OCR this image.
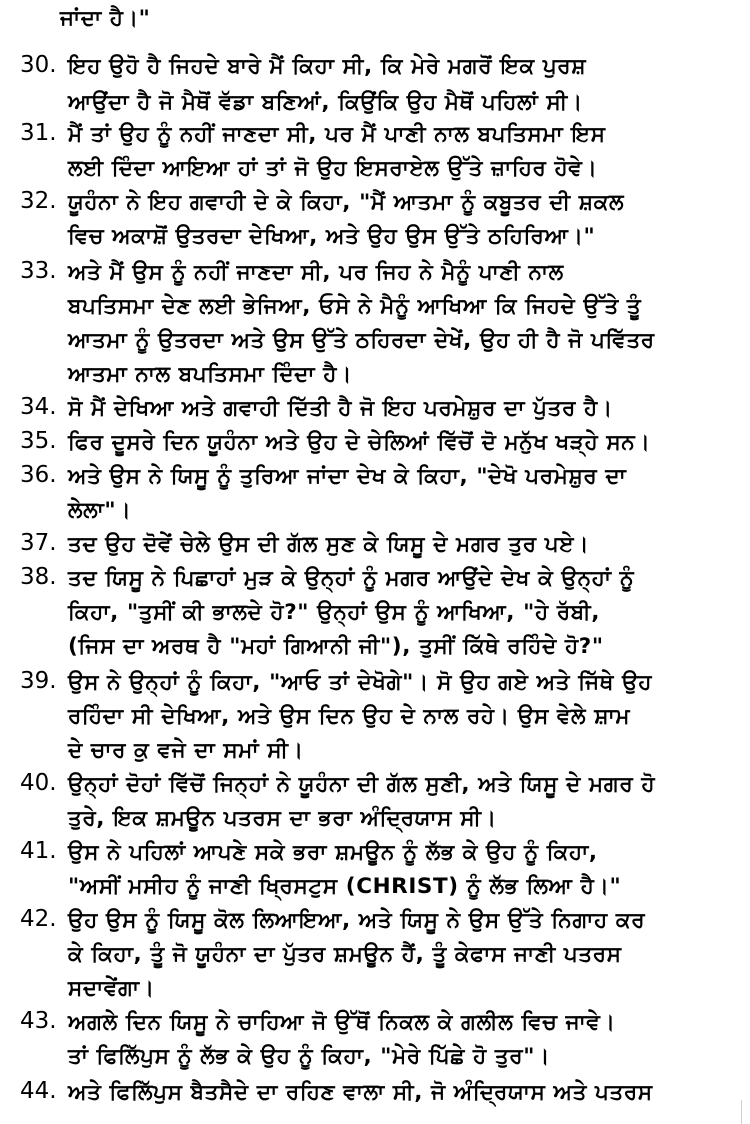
ਜਾਂਦਾ ਹੈ।"
30. ਇਹ ਉਹੋ ਹੈ ਜਿਹਦੇ ਬਾਰੇ ਮੈਂ ਕਿਹਾ ਸੀ, ਕਿ ਮੇਰੇ ਮਗਰੋਂ ਇਕ ਪੁਰਸ਼
ਆਉਂਦਾ ਹੈ ਜੋ ਮੈਥੋਂ ਵੱਡਾ ਬਣਿਆਂ, ਕਿਉਂਕਿ ਉਹ ਮੈਥੋਂ ਪਹਿਲਾਂ ਸੀ।
31. ਮੈਂ ਤਾਂ ਉਹ ਨੂੰ ਨਹੀਂ ਜਾਣਦਾ ਸੀ, ਪਰ ਮੈਂ ਪਾਣੀ ਨਾਲ ਬਪਤਿਸਮਾ ਇਸ
ਲਈ ਦਿੰਦਾ ਆਇਆ ਹਾਂ ਤਾਂ ਜੋ ਉਹ ਇਸਰਾਏਲ ਉੱਤੇ ਜ਼ਾਹਿਰ ਹੋਵੇ।
32. ਯੂਹੰਨਾ ਨੇ ਇਹ ਗਵਾਹੀ ਦੇ ਕੇ ਕਿਹਾ, "ਮੈਂ ਆਤਮਾ ਨੂੰ ਕਬੂਤਰ ਦੀ ਸ਼ਕਲ
ਵਿਚ ਅਕਾਸ਼ੋਂ ਉਤਰਦਾ ਦੇਖਿਆ, ਅਤੇ ਉਹ ਉਸ ਉੱਤੇ ਠਹਿਰਿਆ।"
33. ਅਤੇ ਮੈਂ ਉਸ ਨੂੰ ਨਹੀਂ ਜਾਣਦਾ ਸੀ, ਪਰ ਜਿਹ ਨੇ ਮੈਨੂੰ ਪਾਣੀ ਨਾਲ
ਬਪਤਿਸਮਾ ਦੇਣ ਲਈ ਭੇਜਿਆ, ਓਸੇ ਨੇ ਮੈਨੂੰ ਆਖਿਆ ਕਿ ਜਿਹਦੇ ਉੱਤੇ ਤੂੰ
ਆਤਮਾ ਨੂੰ ਉਤਰਦਾ ਅਤੇ ਉਸ ਉੱਤੇ ਠਹਿਰਦਾ ਦੇਖੇਂ, ਉਹ ਹੀ ਹੈ ਜੋ ਪਵਿੱਤਰ
ਆਤਮਾ ਨਾਲ ਬਪਤਿਸਮਾ ਦਿੰਦਾ ਹੈ।
34. ਸੋ ਮੈਂ ਦੇਖਿਆ ਅਤੇ ਗਵਾਹੀ ਦਿੱਤੀ ਹੈ ਜੋ ਇਹ ਪਰਮੇਸ਼ੁਰ ਦਾ ਪੁੱਤਰ ਹੈ।
35. ਫਿਰ ਦੂਸਰੇ ਦਿਨ ਯੂਹੰਨਾ ਅਤੇ ਉਹ ਦੇ ਚੇਲਿਆਂ ਵਿੱਚੋਂ ਦੋ ਮਨੁੱਖ ਖੜ੍ਹੇ ਸਨ।
36. ਅਤੇ ਉਸ ਨੇ ਯਿਸੂ ਨੂੰ ਤੁਰਿਆ ਜਾਂਦਾ ਦੇਖ ਕੇ ਕਿਹਾ, "ਦੇਖੋ ਪਰਮੇਸ਼ੁਰ ਦਾ
ਲੇਲਾ"।
37. ਤਦ ਉਹ ਦੋਵੇਂ ਚੇਲੇ ਉਸ ਦੀ ਗੱਲ ਸੁਣ ਕੇ ਯਿਸੂ ਦੇ ਮਗਰ ਤੁਰ ਪਏ।
38. ਤਦ ਯਿਸੂ ਨੇ ਪਿਛਾਹਾਂ ਮੁੜ ਕੇ ਉਨ੍ਹਾਂ ਨੂੰ ਮਗਰ ਆਉਂਦੇ ਦੇਖ ਕੇ ਉਨ੍ਹਾਂ ਨੂੰ
ਕਿਹਾ, "ਤੁਸੀਂ ਕੀ ਭਾਲਦੇ ਹੋ?" ਉਨ੍ਹਾਂ ਉਸ ਨੂੰ ਆਖਿਆ, "ਹੇ ਰੱਬੀ,
(ਜਿਸ ਦਾ ਅਰਥ ਹੈ "ਮਹਾਂ ਗਿਆਨੀ ਜੀ"), ਤੁਸੀਂ ਕਿੱਥੇ ਰਹਿੰਦੇ ਹੋ?"
39. ਉਸ ਨੇ ਉਨ੍ਹਾਂ ਨੂੰ ਕਿਹਾ, "ਆਓ ਤਾਂ ਦੇਖੋਗੇ"। ਸੋ ਉਹ ਗਏ ਅਤੇ ਜਿੱਥੇ ਉਹ
ਰਹਿੰਦਾ ਸੀ ਦੇਖਿਆ, ਅਤੇ ਉਸ ਦਿਨ ਉਹ ਦੇ ਨਾਲ ਰਹੇ। ਉਸ ਵੇਲੇ ਸ਼ਾਮ
ਦੇ ਚਾਰ ਕੁ ਵਜੇ ਦਾ ਸਮਾਂ ਸੀ।
40. ਉਨ੍ਹਾਂ ਦੋਹਾਂ ਵਿੱਚੋਂ ਜਿਨ੍ਹਾਂ ਨੇ ਯੂਹੰਨਾ ਦੀ ਗੱਲ ਸੁਣੀ, ਅਤੇ ਯਿਸੂ ਦੇ ਮਗਰ ਹੋ
ਤੁਰੇ, ਇਕ ਸ਼ਮਊਨ ਪਤਰਸ ਦਾ ਭਰਾ ਅੰਦ੍ਰਿਯਾਸ ਸੀ।
41. ਉਸ ਨੇ ਪਹਿਲਾਂ ਆਪਣੇ ਸਕੇ ਭਰਾ ਸ਼ਮਊਨ ਨੂੰ ਲੱਭ ਕੇ ਉਹ ਨੂੰ ਕਿਹਾ,
"ਅਸੀਂ ਮਸੀਹ ਨੂੰ ਜਾਣੀ ਖ੍ਰਿਸਟੁਸ (CHRIST) ਨੂੰ ਲੱਭ ਲਿਆ ਹੈ।"
42. ਉਹ ਉਸ ਨੂੰ ਯਿਸੂ ਕੋਲ ਲਿਆਇਆ, ਅਤੇ ਯਿਸੂ ਨੇ ਉਸ ਉੱਤੇ ਨਿਗਾਹ ਕਰ
ਕੇ ਕਿਹਾ, ਤੂੰ ਜੋ ਯੂਹੰਨਾ ਦਾ ਪੁੱਤਰ ਸ਼ਮਊਨ ਹੈਂ, ਤੂੰ ਕੇਫਾਸ ਜਾਣੀ ਪਤਰਸ
ਸਦਾਵੇਂਗਾ।
43. ਅਗਲੇ ਦਿਨ ਯਿਸੂ ਨੇ ਚਾਹਿਆ ਜੋ ਉੱਥੋਂ ਨਿਕਲ ਕੇ ਗਲੀਲ ਵਿਚ ਜਾਵੇ।
ਤਾਂ ਫਿਲਿੱਪੁਸ ਨੂੰ ਲੱਭ ਕੇ ਉਹ ਨੂੰ ਕਿਹਾ, "ਮੇਰੇ ਪਿੱਛੇ ਹੋ ਤੁਰ"।
44. ਅਤੇ ਫਿਲਿੱਪੁਸ ਬੈਤਸੈਦੇ ਦਾ ਰਹਿਣ ਵਾਲਾ ਸੀ, ਜੋ ਅੰਦ੍ਰਿਯਾਸ ਅਤੇ ਪਤਰਸ
